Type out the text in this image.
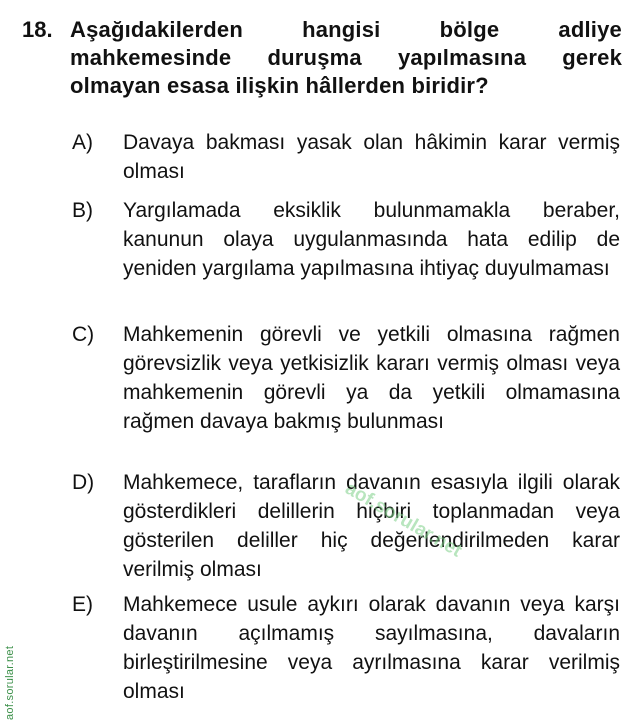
18. Aşağıdakilerden hangisi bölge adliye mahkemesinde duruşma yapılmasına gerek olmayan esasa ilişkin hâllerden biridir?
A)	Davaya bakması yasak olan hâkimin karar vermiş olması
B)	Yargılamada eksiklik bulunmamakla beraber, kanunun olaya uygulanmasında hata edilip de yeniden yargılama yapılmasına ihtiyaç duyulmaması
C)	Mahkemenin görevli ve yetkili olmasına rağmen görevsizlik veya yetkisizlik kararı vermiş olması veya mahkemenin görevli ya da yetkili olmamasına rağmen davaya bakmış bulunması
D)	Mahkemece, tarafların davanın esasıyla ilgili olarak gösterdikleri delillerin hiçbiri toplanmadan veya gösterilen deliller hiç değerlendirilmeden karar verilmiş olması
E)	Mahkemece usule aykırı olarak davanın veya karşı davanın açılmamış sayılmasına, davaların birleştirilmesine veya ayrılmasına karar verilmiş olması
aof.sorular.net
aof.sorular.net
